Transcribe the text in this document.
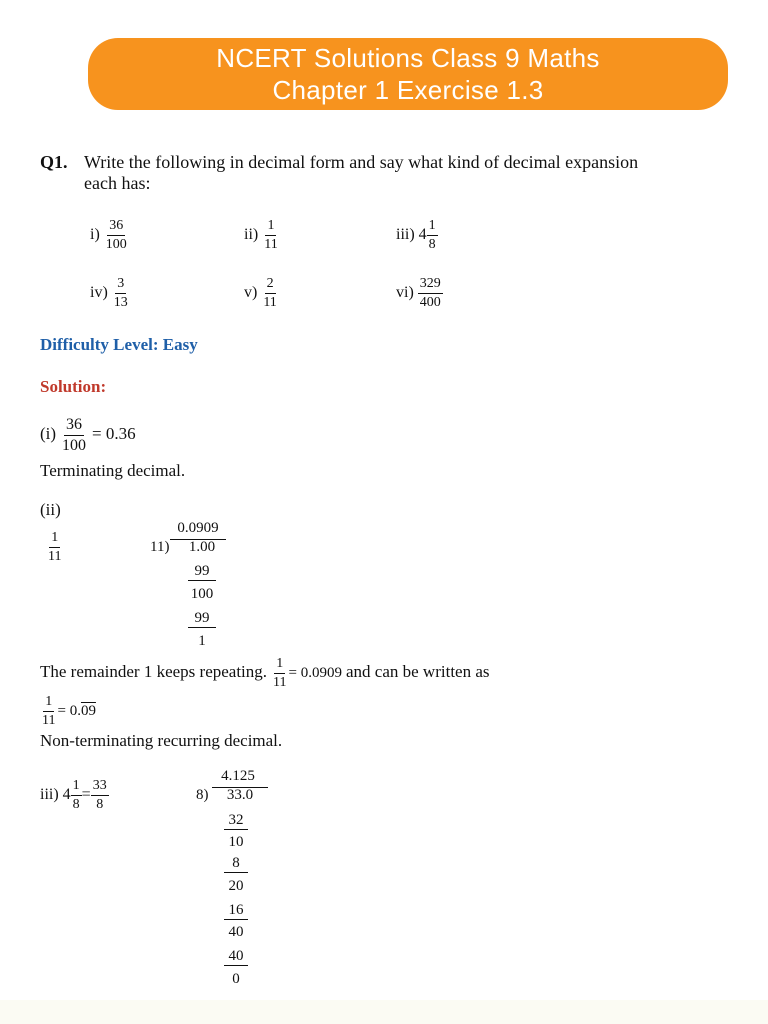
NCERT Solutions Class 9 Maths
Chapter 1 Exercise 1.3
Q1. Write the following in decimal form and say what kind of decimal expansion
each has:
$i) \frac{36}{100}$	$ii) \frac{1}{11}$	iii) $4 \frac{1}{8}$
$iv) \frac{3}{13}$	$v) \frac{2}{11}$	$vi) \frac{329}{400}$
Difficulty Level: Easy
Solution:
$(i) \frac{36}{100} = 0.36$
Terminating decimal.
(ii)
$\frac{1}{11}$
0.0909
11)	1.00
99
100
99
1
The remainder 1 keeps repeating. $\frac{1}{11} = 0.0909$ and can be written as
$\frac{1}{11} = 0.09$
Non-terminating recurring decimal.
iii) $4 \frac{1}{8} = \frac{33}{8}$
4.125
8)	33.0
32
10
8
20
16
40
40
0
